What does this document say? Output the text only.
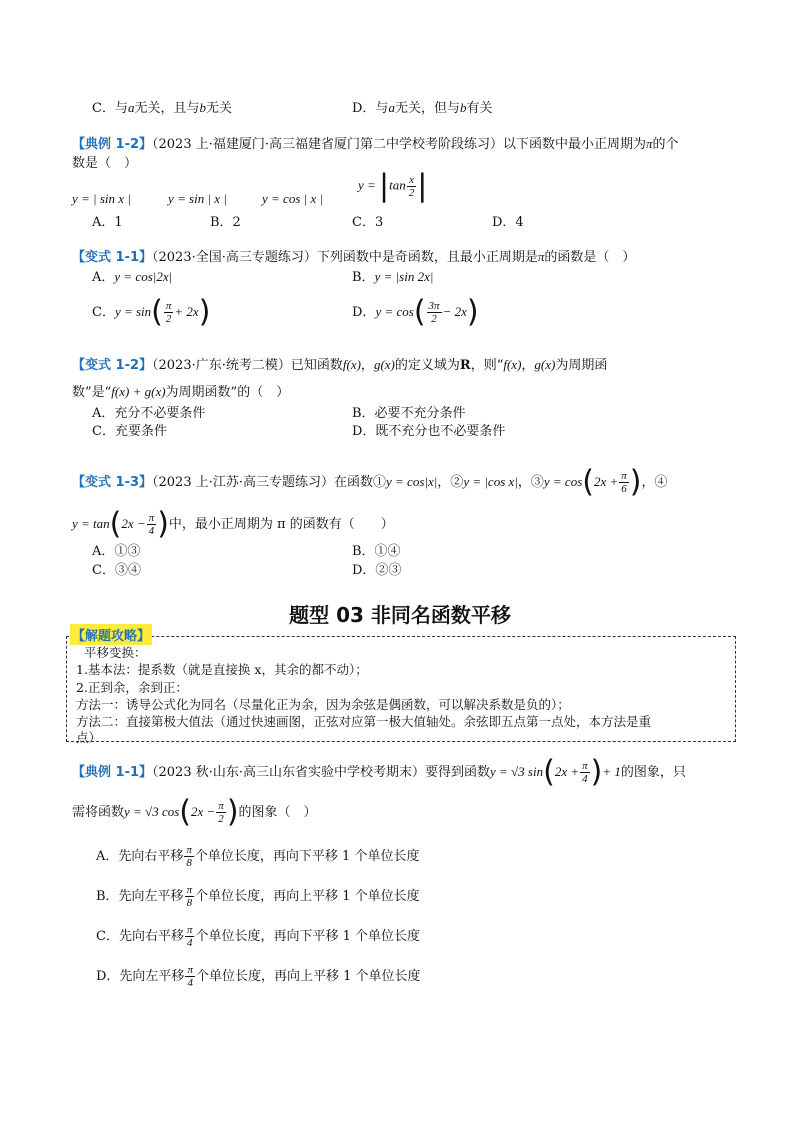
C．与a无关，且与b无关	D．与a无关，但与b有关
【典例 1-2】（2023 上·福建厦门·高三福建省厦门第二中学校考阶段练习）以下函数中最小正周期为π的个
数是（　）
y = | sin x |	y = sin | x |	y = cos | x |
$y = |\tan \frac{x}{2}$ |
A．1	B．2	C．3	D．4
【变式 1-1】（2023·全国·高三专题练习）下列函数中是奇函数，且最小正周期是π的函数是（　）
A．y = cos|2x|	B．y = |sin 2x|
C．$y = \sin( \frac{\pi}{2} + 2x)$	D．$y = \cos( \frac{3\pi}{2} - 2x)$
【变式 1-2】（2023·广东·统考二模）已知函数f(x)，g(x)的定义域为R，则“f(x)，g(x)为周期函
数”是“f(x) + g(x)为周期函数”的（　）
A．充分不必要条件	B．必要不充分条件
C．充要条件	D．既不充分也不必要条件
【变式 1-3】（2023 上·江苏·高三专题练习）在函数①y = cos|x|，②y = |cos x|，③y = $\cos(2x + \frac{\pi}{6}$ )，④
$y = \tan(2x - \frac{\pi}{4}$ )中，最小正周期为 π 的函数有（　　）
A．①③	B．①④
C．③④	D．②③
题型 03 非同名函数平移
【解题攻略】
平移变换：
1.基本法：提系数（就是直接换 x，其余的都不动）；
2.正到余，余到正：
方法一：诱导公式化为同名（尽量化正为余，因为余弦是偶函数，可以解决系数是负的）；
方法二：直接第极大值法（通过快速画图，正弦对应第一极大值轴处。余弦即五点第一点处，本方法是重
点）
【典例 1-1】（2023 秋·山东·高三山东省实验中学校考期末）要得到函数y = √3 $\sin(2x + \frac{\pi}{4}$ )+ 1的图象，只
需将函数y = √3 $\cos(2x - \frac{\pi}{2}$ )的图象（　）
A．先向右平移 $\frac{\pi}{8}$ 个单位长度，再向下平移 1 个单位长度
B．先向左平移 $\frac{\pi}{8}$ 个单位长度，再向上平移 1 个单位长度
C．先向右平移 $\frac{\pi}{4}$ 个单位长度，再向下平移 1 个单位长度
D．先向左平移 $\frac{\pi}{4}$ 个单位长度，再向上平移 1 个单位长度
